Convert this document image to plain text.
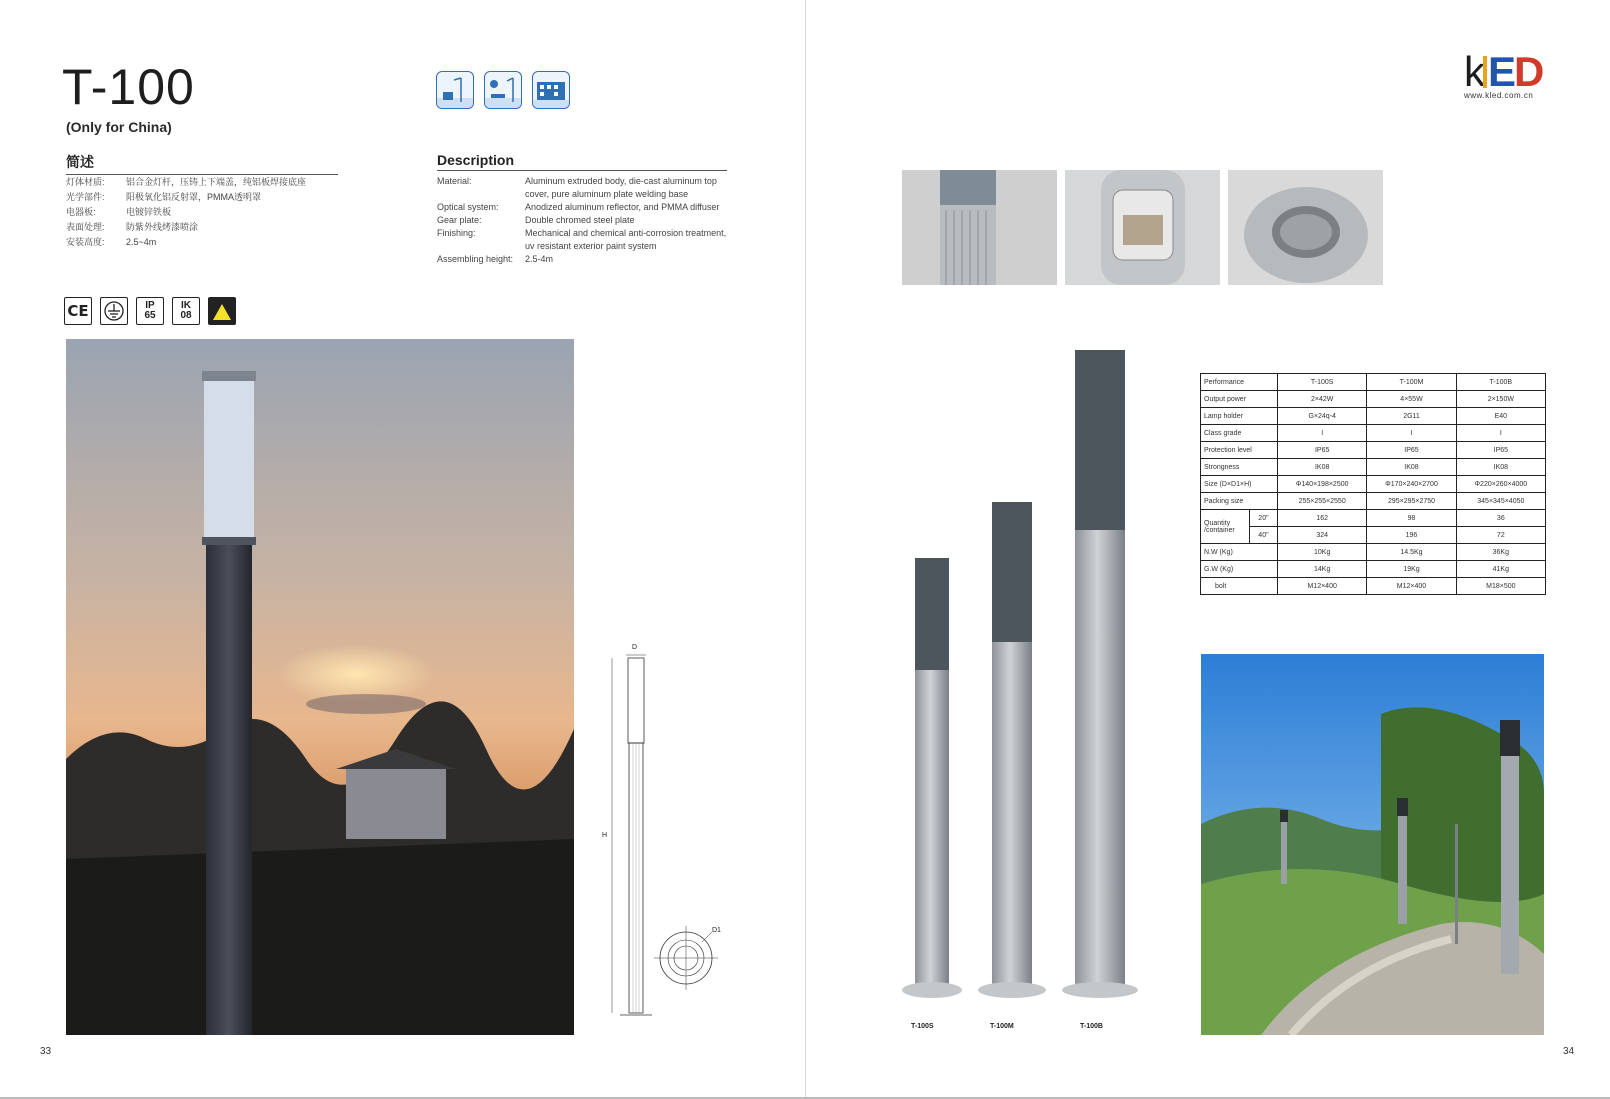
T-100
(Only for China)
简述
灯体材质:	铝合金灯杆，压铸上下端盖，纯铝板焊接底座
光学部件:	阳极氧化铝反射罩，PMMA透明罩
电器板:	电镀锌铁板
表面处理:	防紫外线烤漆喷涂
安装高度:	2.5~4m
Description
Material:	Aluminum extruded body, die-cast aluminum top cover, pure aluminum plate welding base
Optical system:	Anodized aluminum reflector, and PMMA diffuser
Gear plate:	Double chromed steel plate
Finishing:	Mechanical and chemical anti-corrosion treatment, uv resistant exterior paint system
Assembling height:	2.5-4m
CE	IP
65
IK
08
D
H
D1
33
k ED
www.kled.com.cn
T-100S	T-100M	T-100B
Performance		T-100S	T-100M	T-100B
Output power		2×42W	4×55W	2×150W
Lamp holder		G×24q-4	2G11	E40
Class grade		I	I	I
Protection level		IP65	IP65	IP65
Strongness		IK08	IK08	IK08
Size (D×D1×H)		Φ140×198×2500	Φ170×240×2700	Φ220×260×4000
Packing size		255×255×2550	295×295×2750	345×345×4050
Quantity /container	20"	162	98	36
	40"	324	196	72
N.W (Kg)		10Kg	14.5Kg	36Kg
G.W (Kg)		14Kg	19Kg	41Kg
bolt		M12×400	M12×400	M18×500
34
